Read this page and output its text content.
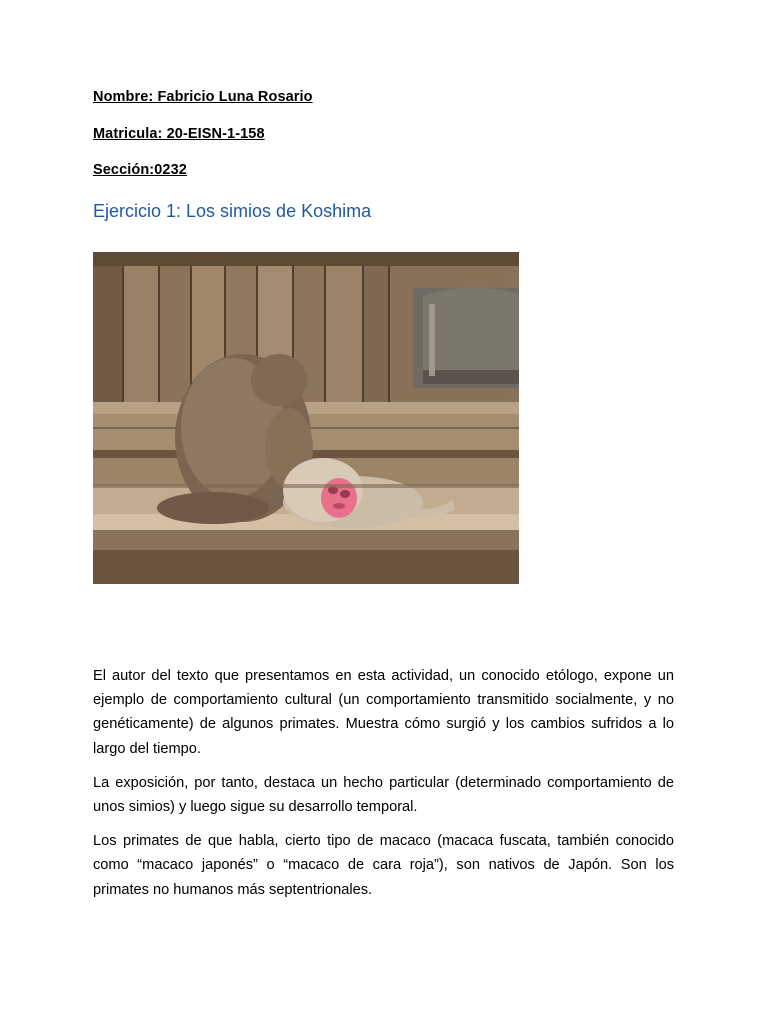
Nombre: Fabricio Luna Rosario
Matricula: 20-EISN-1-158
Sección:0232
Ejercicio 1: Los simios de Koshima

El autor del texto que presentamos en esta actividad, un conocido etólogo, expone un ejemplo de comportamiento cultural (un comportamiento transmitido socialmente, y no genéticamente) de algunos primates. Muestra cómo surgió y los cambios sufridos a lo largo del tiempo.

La exposición, por tanto, destaca un hecho particular (determinado comportamiento de unos simios) y luego sigue su desarrollo temporal.

Los primates de que habla, cierto tipo de macaco (macaca fuscata, también conocido como “macaco japonés” o “macaco de cara roja”), son nativos de Japón. Son los primates no humanos más septentrionales.
